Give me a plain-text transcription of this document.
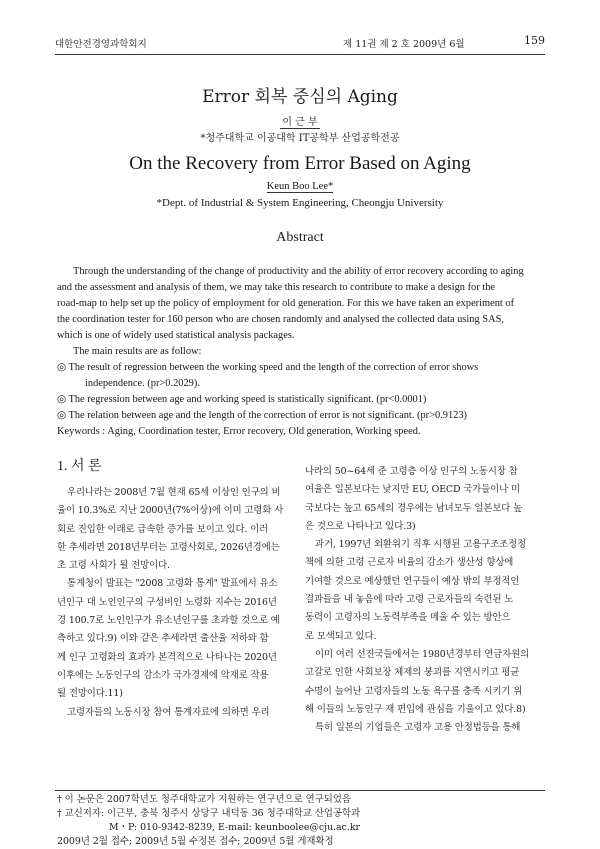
대한안전경영과학회지	제 11권 제 2 호 2009년 6월	159
Error 회복 중심의 Aging
이 근 부
*청주대학교 이공대학 IT공학부 산업공학전공
On the Recovery from Error Based on Aging
Keun Boo Lee*
*Dept. of Industrial & System Engineering, Cheongju University
Abstract

Through the understanding of the change of productivity and the ability of error recovery according to aging

and the assessment and analysis of them, we may take this research to contribute to make a design for the

road-map to help set up the policy of employment for old generation. For this we have taken an experiment of

the coordination tester for 160 person who are chosen randomly and analysed the collected data using SAS,

which is one of widely used statistical analysis packages.

The main results are as follow:

◎ The result of regression between the working speed and the length of the correction of error shows
independence. (pr>0.2029).

◎ The regression between age and working speed is statistically significant. (pr<0.0001)

◎ The relation between age and the length of the correction of error is not significant. (pr>0.9123)

Keywords : Aging, Coordination tester, Error recovery, Old generation, Working speed.

1. 서 론

우리나라는 2008년 7월 현재 65세 이상인 인구의 비

율이 10.3%로 지난 2000년(7%이상)에 이미 고령화 사

회로 진입한 이래로 급속한 증가를 보이고 있다. 이러

한 추세라면 2018년부터는 고령사회로, 2026년경에는

초 고령 사회가 될 전망이다.

통계청이 발표는 "2008 고령화 통계" 발표에서 유소

년인구 대 노인인구의 구성비인 노령화 지수는 2016년

경 100.7로 노인인구가 유소년인구를 초과할 것으로 예

측하고 있다.9) 이와 같은 추세라면 출산율 저하와 함

께 인구 고령화의 효과가 본격적으로 나타나는 2020년

이후에는 노동인구의 감소가 국가경제에 악재로 작용

될 전망이다.11)

고령자들의 노동시장 참여 통계자료에 의하면 우리

나라의 50~64세 준 고령층 이상 인구의 노동시장 참

여율은 일본보다는 낮지만 EU, OECD 국가들이나 미

국보다는 높고 65세의 경우에는 남녀모두 일본보다 높

은 것으로 나타나고 있다.3)

과거, 1997년 외환위기 직후 시행된 고용구조조정정

책에 의한 고령 근로자 비율의 감소가 생산성 향상에

기여할 것으로 예상했던 연구들이 예상 밖의 부정적인

결과들을 내 놓음에 따라 고령 근로자들의 숙련된 노

동력이 고령자의 노동력부족을 메울 수 있는 방안으

로 모색되고 있다.

이미 여러 선진국들에서는 1980년경부터 연금자원의

고갈로 인한 사회보장 체제의 붕괴를 지연시키고 평균

수명이 늘어난 고령자들의 노동 욕구를 충족 시키기 위

해 이들의 노동인구 재 편입에 관심을 기울이고 있다.8)

특히 일본의 기업들은 고령자 고용 안정법등을 통해

† 이 논문은 2007학년도 청주대학교가 지원하는 연구년으로 연구되었음
† 교신저자: 이근부, 충북 청주시 상당구 내덕동 36 청주대학교 산업공학과
M・P: 010-9342-8239, E-mail: keunboolee@cju.ac.kr
2009년 2월 접수; 2009년 5월 수정본 접수; 2009년 5월 게재확정
